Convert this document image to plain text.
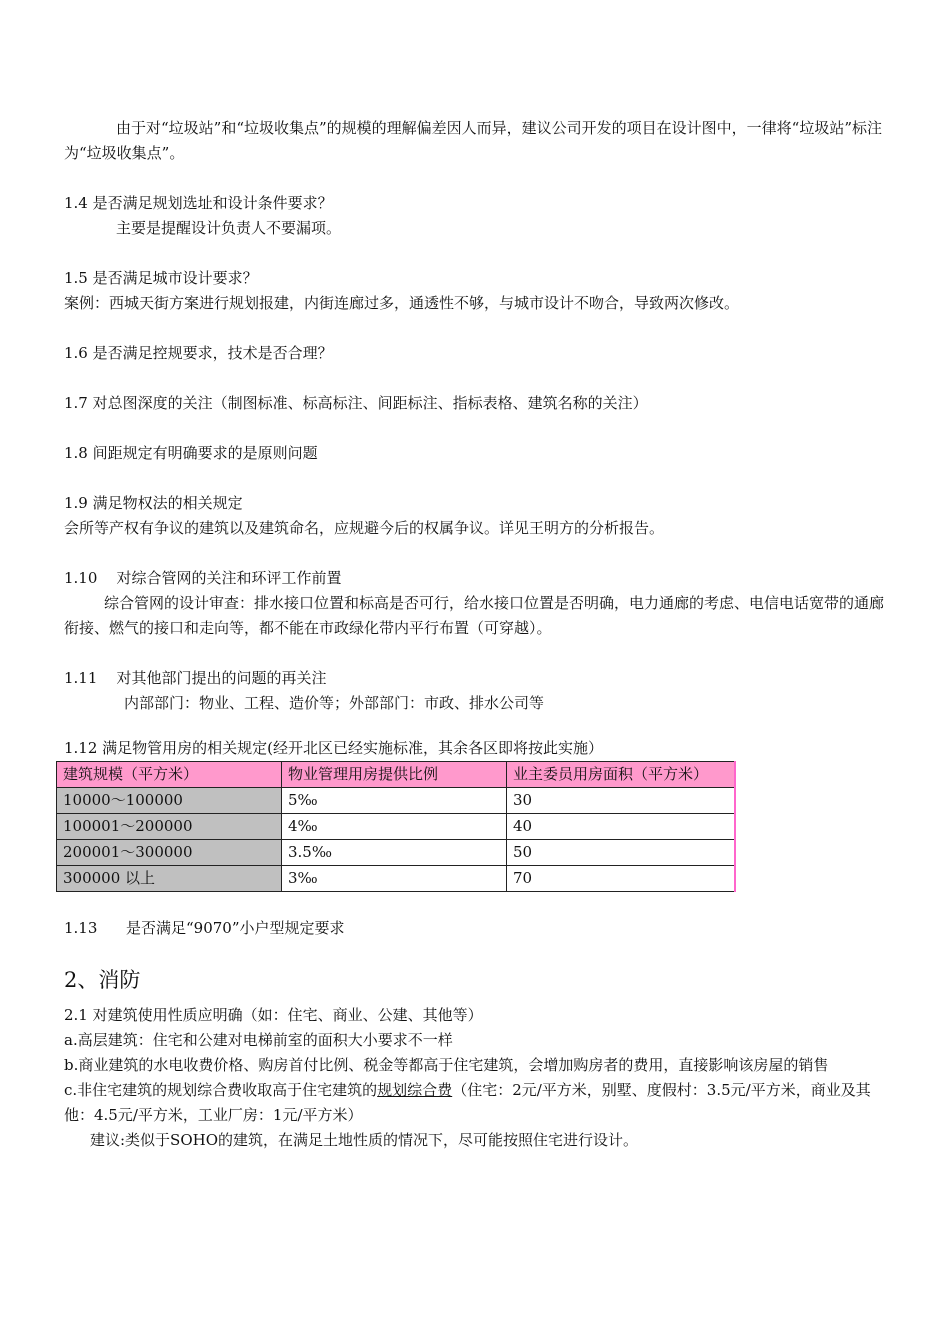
由于对“垃圾站”和“垃圾收集点”的规模的理解偏差因人而异，建议公司开发的项目在设计图中，一律将“垃圾站”标注为“垃圾收集点”。

1.4 是否满足规划选址和设计条件要求？

主要是提醒设计负责人不要漏项。

1.5 是否满足城市设计要求？

案例：西城天街方案进行规划报建，内街连廊过多，通透性不够，与城市设计不吻合，导致两次修改。

1.6 是否满足控规要求，技术是否合理？

1.7 对总图深度的关注（制图标准、标高标注、间距标注、指标表格、建筑名称的关注）

1.8 间距规定有明确要求的是原则问题

1.9 满足物权法的相关规定

会所等产权有争议的建筑以及建筑命名，应规避今后的权属争议。详见王明方的分析报告。

1.10    对综合管网的关注和环评工作前置

综合管网的设计审查：排水接口位置和标高是否可行，给水接口位置是否明确，电力通廊的考虑、电信电话宽带的通廊衔接、燃气的接口和走向等，都不能在市政绿化带内平行布置（可穿越）。

1.11    对其他部门提出的问题的再关注

内部部门：物业、工程、造价等；外部部门：市政、排水公司等

1.12 满足物管用房的相关规定(经开北区已经实施标准，其余各区即将按此实施）

建筑规模（平方米）	物业管理用房提供比例	业主委员用房面积（平方米）
10000～100000	5‰	30
100001～200000	4‰	40
200001～300000	3.5‰	50
300000 以上	3‰	70

1.13      是否满足“9070”小户型规定要求

2、消防

2.1 对建筑使用性质应明确（如：住宅、商业、公建、其他等）

a.高层建筑：住宅和公建对电梯前室的面积大小要求不一样

b.商业建筑的水电收费价格、购房首付比例、税金等都高于住宅建筑，会增加购房者的费用，直接影响该房屋的销售

c.非住宅建筑的规划综合费收取高于住宅建筑的规划综合费（住宅：2元/平方米，别墅、度假村：3.5元/平方米，商业及其他：4.5元/平方米，工业厂房：1元/平方米）

建议:类似于SOHO的建筑，在满足土地性质的情况下，尽可能按照住宅进行设计。
